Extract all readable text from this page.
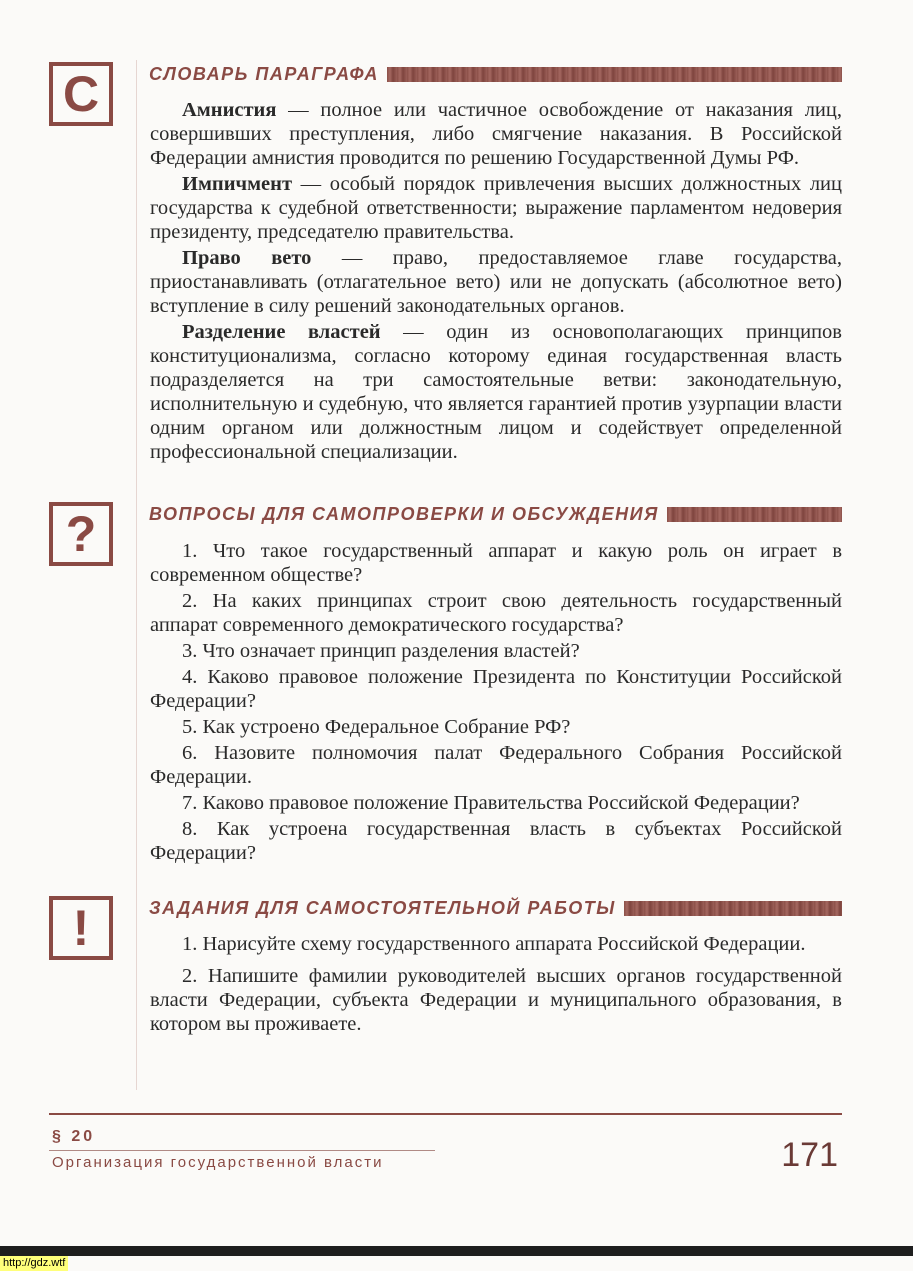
С	СЛОВАРЬ ПАРАГРАФА

Амнистия — полное или частичное освобождение от наказания лиц, совершивших преступления, либо смягчение наказания. В Российской Федерации амнистия проводится по решению Государственной Думы РФ.

Импичмент — особый порядок привлечения высших должностных лиц государства к судебной ответственности; выражение парламентом недоверия президенту, председателю правительства.

Право вето — право, предоставляемое главе государства, приостанавливать (отлагательное вето) или не допускать (абсолютное вето) вступление в силу решений законодательных органов.

Разделение властей — один из основополагающих принципов конституционализма, согласно которому единая государственная власть подразделяется на три самостоятельные ветви: законодательную, исполнительную и судебную, что является гарантией против узурпации власти одним органом или должностным лицом и содействует определенной профессиональной специализации.

?	ВОПРОСЫ ДЛЯ САМОПРОВЕРКИ И ОБСУЖДЕНИЯ

1. Что такое государственный аппарат и какую роль он играет в современном обществе?

2. На каких принципах строит свою деятельность государственный аппарат современного демократического государства?

3. Что означает принцип разделения властей?

4. Каково правовое положение Президента по Конституции Российской Федерации?

5. Как устроено Федеральное Собрание РФ?

6. Назовите полномочия палат Федерального Собрания Российской Федерации.

7. Каково правовое положение Правительства Российской Федерации?

8. Как устроена государственная власть в субъектах Российской Федерации?

!	ЗАДАНИЯ ДЛЯ САМОСТОЯТЕЛЬНОЙ РАБОТЫ

1. Нарисуйте схему государственного аппарата Российской Федерации.

2. Напишите фамилии руководителей высших органов государственной власти Федерации, субъекта Федерации и муниципального образования, в котором вы проживаете.

§ 20
Организация государственной власти	171
http://gdz.wtf
